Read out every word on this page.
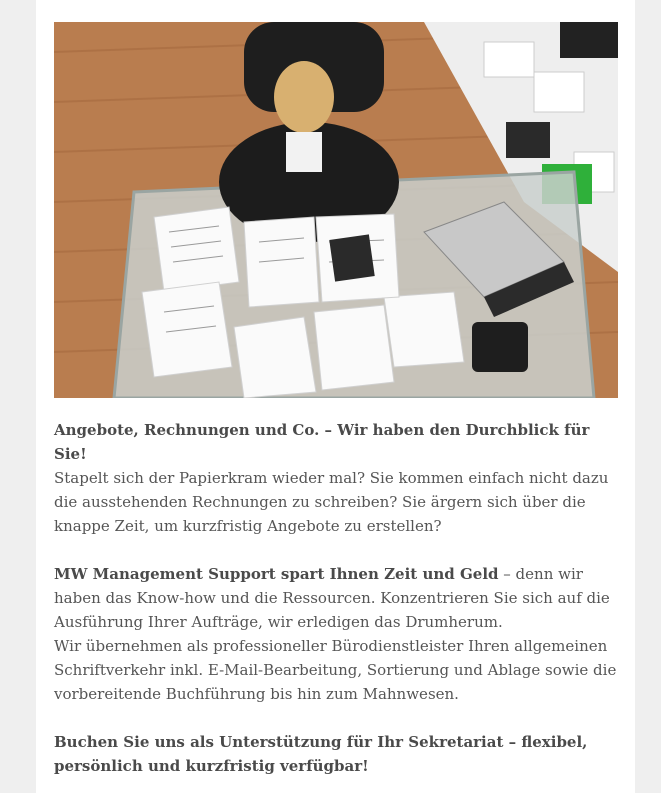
Angebote, Rechnungen und Co. – Wir haben den Durchblick für Sie!
Stapelt sich der Papierkram wieder mal? Sie kommen einfach nicht dazu die ausstehenden Rechnungen zu schreiben? Sie ärgern sich über die knappe Zeit, um kurzfristig Angebote zu erstellen?
MW Management Support spart Ihnen Zeit und Geld – denn wir haben das Know-how und die Ressourcen. Konzentrieren Sie sich auf die Ausführung Ihrer Aufträge, wir erledigen das Drumherum.
Wir übernehmen als professioneller Bürodienstleister Ihren allgemeinen Schriftverkehr inkl. E-Mail-Bearbeitung, Sortierung und Ablage sowie die vorbereitende Buchführung bis hin zum Mahnwesen.
Buchen Sie uns als Unterstützung für Ihr Sekretariat – flexibel, persönlich und kurzfristig verfügbar!
